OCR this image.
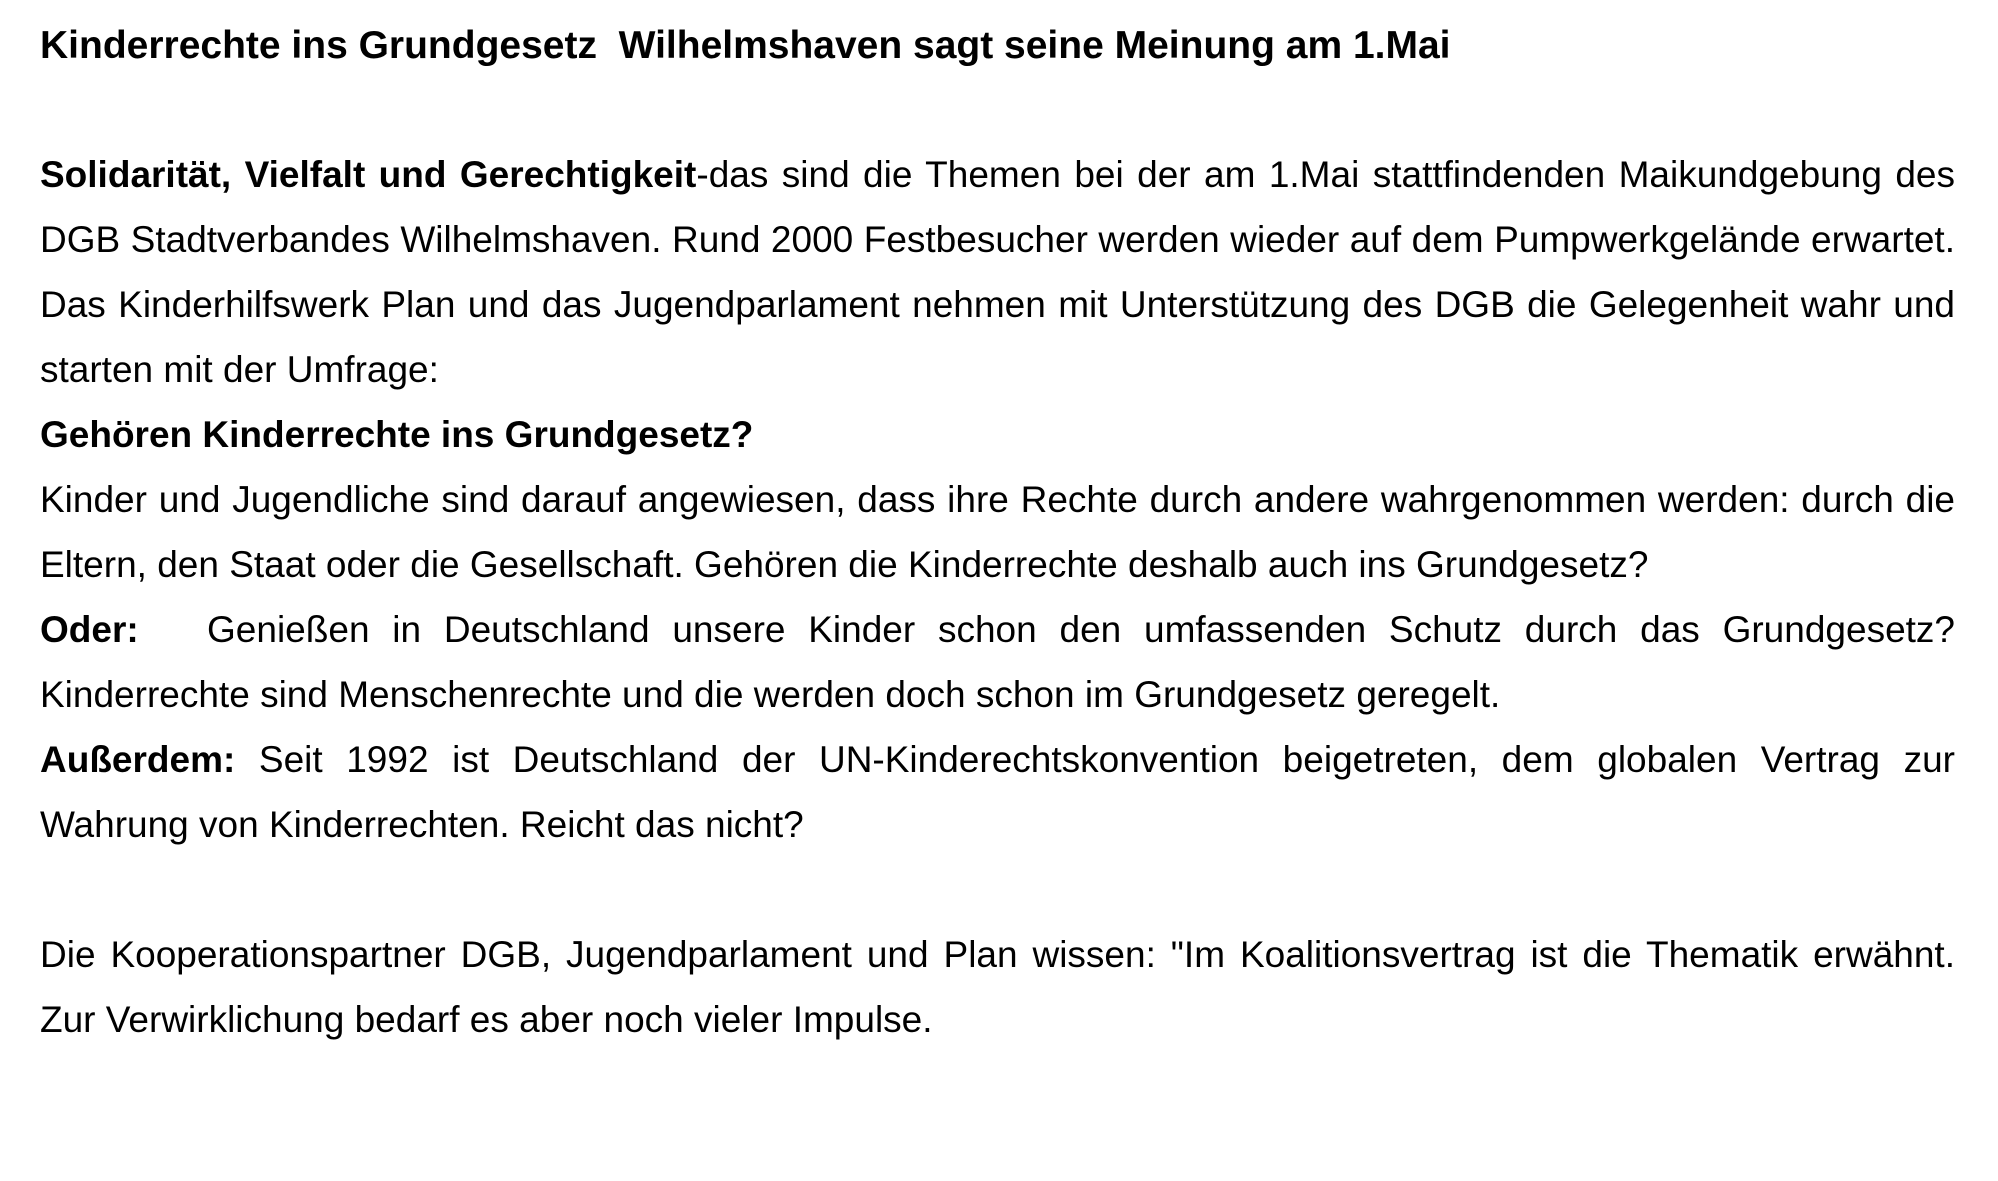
Kinderrechte ins Grundgesetz  Wilhelmshaven sagt seine Meinung am 1.Mai

Solidarität, Vielfalt und Gerechtigkeit-das sind die Themen bei der am 1.Mai stattfindenden Maikundgebung des DGB Stadtverbandes Wilhelmshaven. Rund 2000 Festbesucher werden wieder auf dem Pumpwerkgelände erwartet. Das Kinderhilfswerk Plan und das Jugendparlament nehmen mit Unterstützung des DGB die Gelegenheit wahr und starten mit der Umfrage:

Gehören Kinderrechte ins Grundgesetz?

Kinder und Jugendliche sind darauf angewiesen, dass ihre Rechte durch andere wahrgenommen werden: durch die Eltern, den Staat oder die Gesellschaft. Gehören die Kinderrechte deshalb auch ins Grundgesetz?

Oder: Genießen in Deutschland unsere Kinder schon den umfassenden Schutz durch das Grundgesetz? Kinderrechte sind Menschenrechte und die werden doch schon im Grundgesetz geregelt.

Außerdem: Seit 1992 ist Deutschland der UN-Kinderechtskonvention beigetreten, dem globalen Vertrag zur Wahrung von Kinderrechten. Reicht das nicht?

Die Kooperationspartner DGB, Jugendparlament und Plan wissen: "Im Koalitionsvertrag ist die Thematik erwähnt. Zur Verwirklichung bedarf es aber noch vieler Impulse.
